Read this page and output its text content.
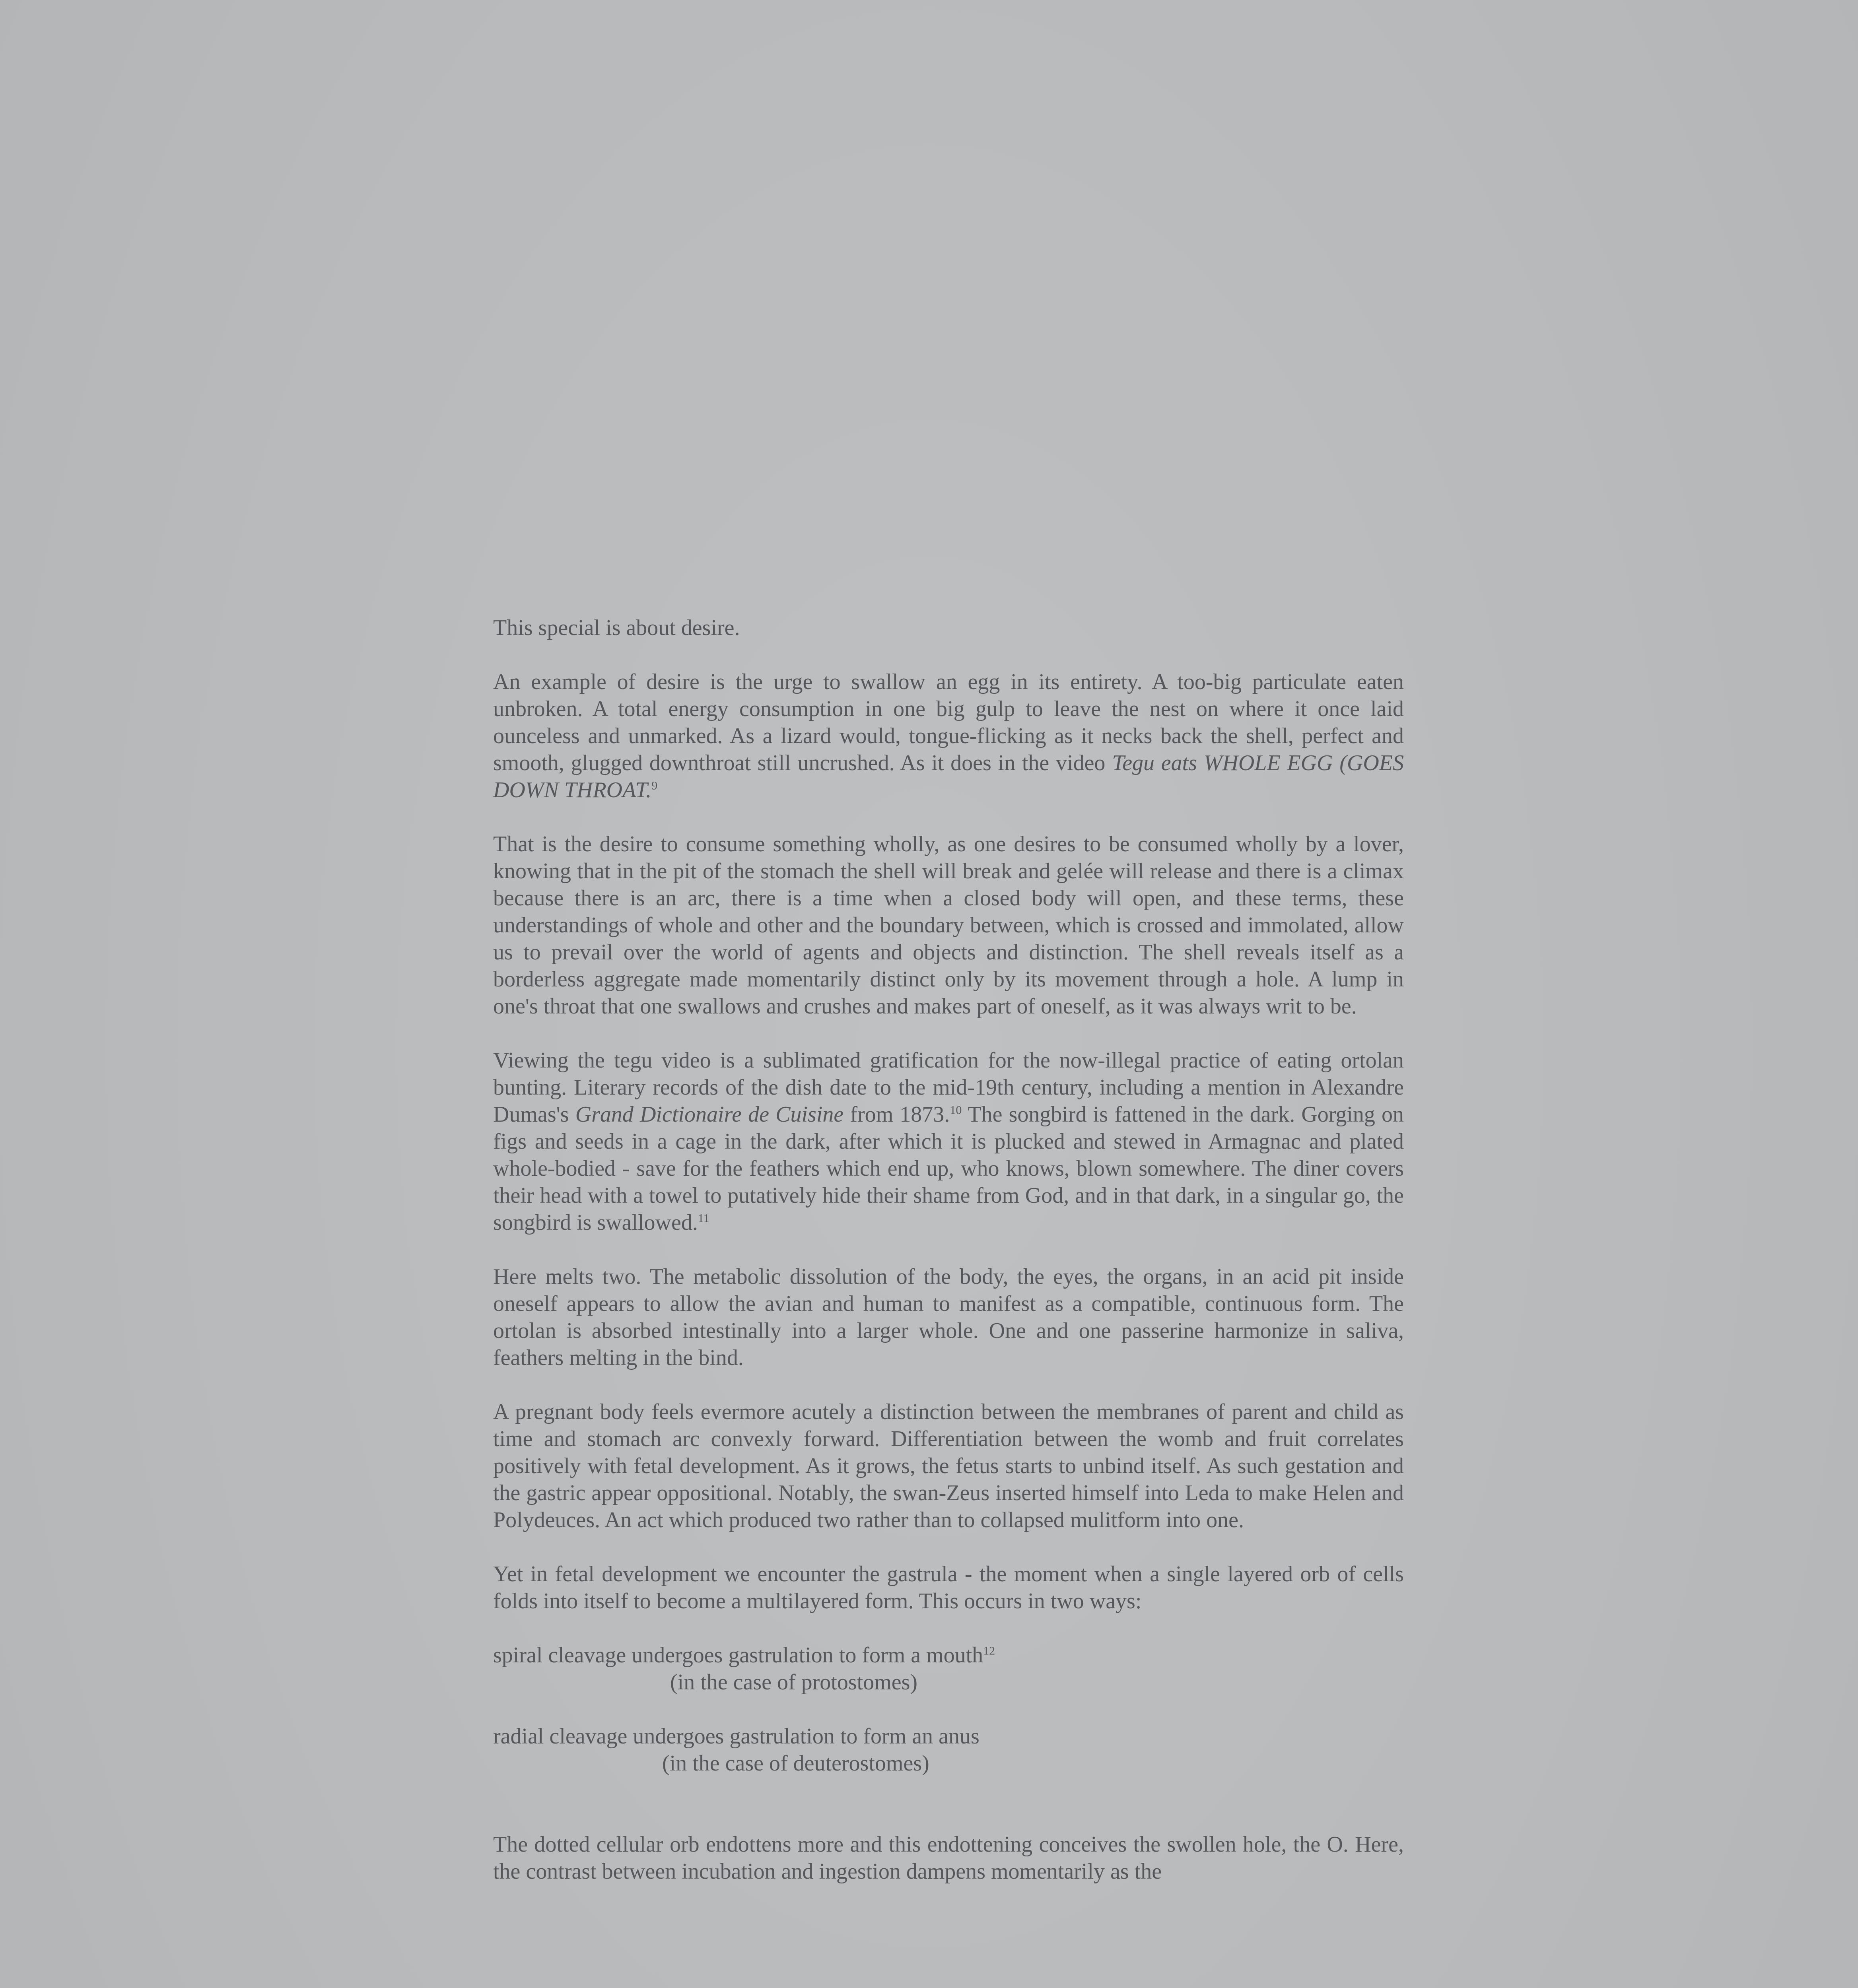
This special is about desire.

An example of desire is the urge to swallow an egg in its entirety. A too-big particulate eaten unbroken. A total energy consumption in one big gulp to leave the nest on where it once laid ounceless and unmarked. As a lizard would, tongue-flicking as it necks back the shell, perfect and smooth, glugged downthroat still uncrushed. As it does in the video Tegu eats WHOLE EGG (GOES DOWN THROAT.$^9$

That is the desire to consume something wholly, as one desires to be consumed wholly by a lover, knowing that in the pit of the stomach the shell will break and gelée will release and there is a climax because there is an arc, there is a time when a closed body will open, and these terms, these understandings of whole and other and the boundary between, which is crossed and immolated, allow us to prevail over the world of agents and objects and distinction. The shell reveals itself as a borderless aggregate made momentarily distinct only by its movement through a hole. A lump in one's throat that one swallows and crushes and makes part of oneself, as it was always writ to be.

Viewing the tegu video is a sublimated gratification for the now-illegal practice of eating ortolan bunting. Literary records of the dish date to the mid-19th century, including a mention in Alexandre Dumas's Grand Dictionaire de Cuisine from 1873.10 The songbird is fattened in the dark. Gorging on figs and seeds in a cage in the dark, after which it is plucked and stewed in Armagnac and plated whole-bodied - save for the feathers which end up, who knows, blown somewhere. The diner covers their head with a towel to putatively hide their shame from God, and in that dark, in a singular go, the songbird is swallowed.$^{11}$

Here melts two. The metabolic dissolution of the body, the eyes, the organs, in an acid pit inside oneself appears to allow the avian and human to manifest as a compatible, continuous form. The ortolan is absorbed intestinally into a larger whole. One and one passerine harmonize in saliva, feathers melting in the bind.

A pregnant body feels evermore acutely a distinction between the membranes of parent and child as time and stomach arc convexly forward. Differentiation between the womb and fruit correlates positively with fetal development. As it grows, the fetus starts to unbind itself. As such gestation and the gastric appear oppositional. Notably, the swan-Zeus inserted himself into Leda to make Helen and Polydeuces. An act which produced two rather than to collapsed mulitform into one.

Yet in fetal development we encounter the gastrula - the moment when a single layered orb of cells folds into itself to become a multilayered form. This occurs in two ways:

spiral cleavage undergoes gastrulation to form a mouth$^{12}$
(in the case of protostomes)
radial cleavage undergoes gastrulation to form an anus
(in the case of deuterostomes)

The dotted cellular orb endottens more and this endottening conceives the swollen hole, the O. Here, the contrast between incubation and ingestion dampens momentarily as the
